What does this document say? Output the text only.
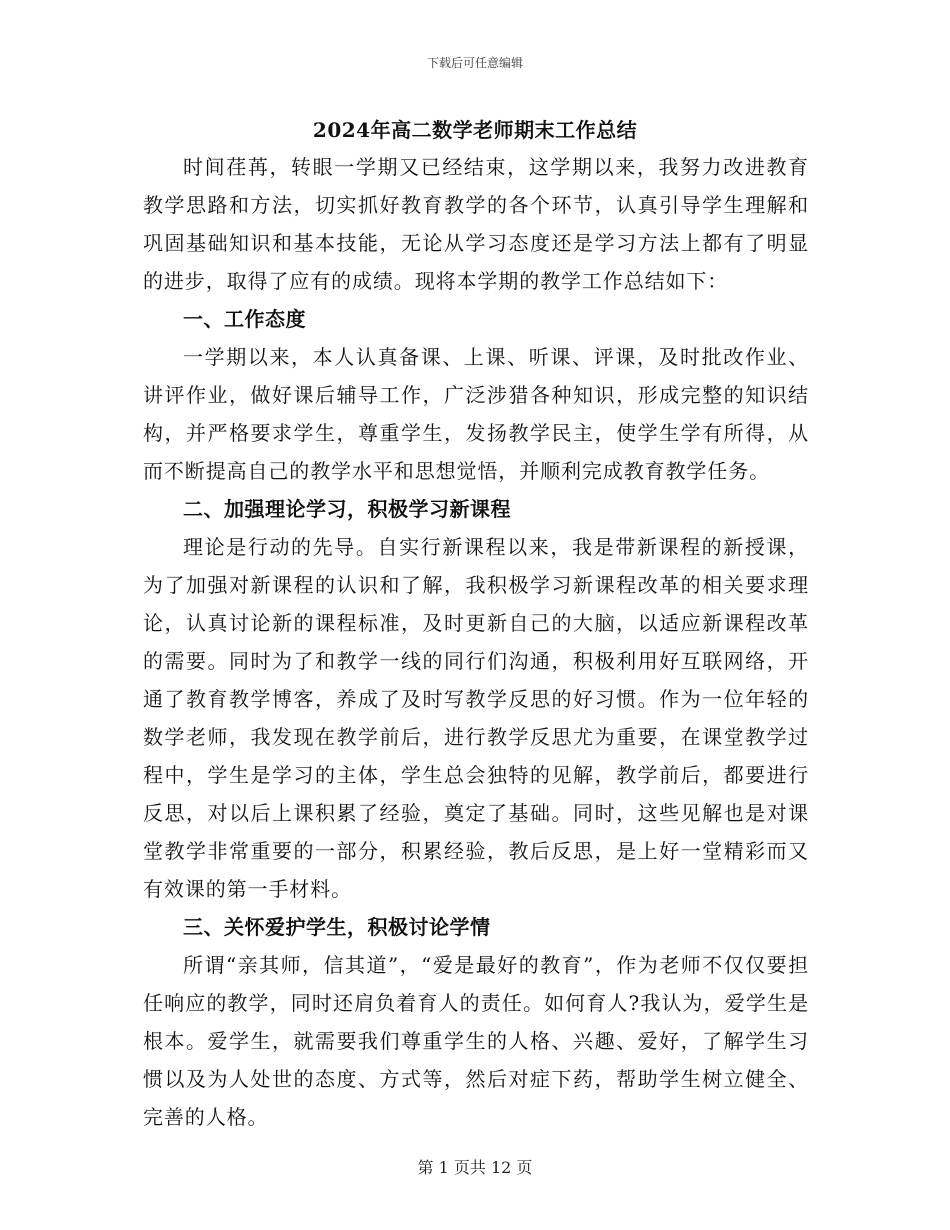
下载后可任意编辑
2024年高二数学老师期末工作总结

时间荏苒，转眼一学期又已经结束，这学期以来，我努力改进教育教学思路和方法，切实抓好教育教学的各个环节，认真引导学生理解和巩固基础知识和基本技能，无论从学习态度还是学习方法上都有了明显的进步，取得了应有的成绩。现将本学期的教学工作总结如下：

一、工作态度

一学期以来，本人认真备课、上课、听课、评课，及时批改作业、讲评作业，做好课后辅导工作，广泛涉猎各种知识，形成完整的知识结构，并严格要求学生，尊重学生，发扬教学民主，使学生学有所得，从而不断提高自己的教学水平和思想觉悟，并顺利完成教育教学任务。

二、加强理论学习，积极学习新课程

理论是行动的先导。自实行新课程以来，我是带新课程的新授课，为了加强对新课程的认识和了解，我积极学习新课程改革的相关要求理论，认真讨论新的课程标准，及时更新自己的大脑，以适应新课程改革的需要。同时为了和教学一线的同行们沟通，积极利用好互联网络，开通了教育教学博客，养成了及时写教学反思的好习惯。作为一位年轻的数学老师，我发现在教学前后，进行教学反思尤为重要，在课堂教学过程中，学生是学习的主体，学生总会独特的见解，教学前后，都要进行反思，对以后上课积累了经验，奠定了基础。同时，这些见解也是对课堂教学非常重要的一部分，积累经验，教后反思，是上好一堂精彩而又有效课的第一手材料。

三、关怀爱护学生，积极讨论学情

所谓“亲其师，信其道”，“爱是最好的教育”，作为老师不仅仅要担任响应的教学，同时还肩负着育人的责任。如何育人?我认为，爱学生是根本。爱学生，就需要我们尊重学生的人格、兴趣、爱好，了解学生习惯以及为人处世的态度、方式等，然后对症下药，帮助学生树立健全、完善的人格。

第 1 页共 12 页
